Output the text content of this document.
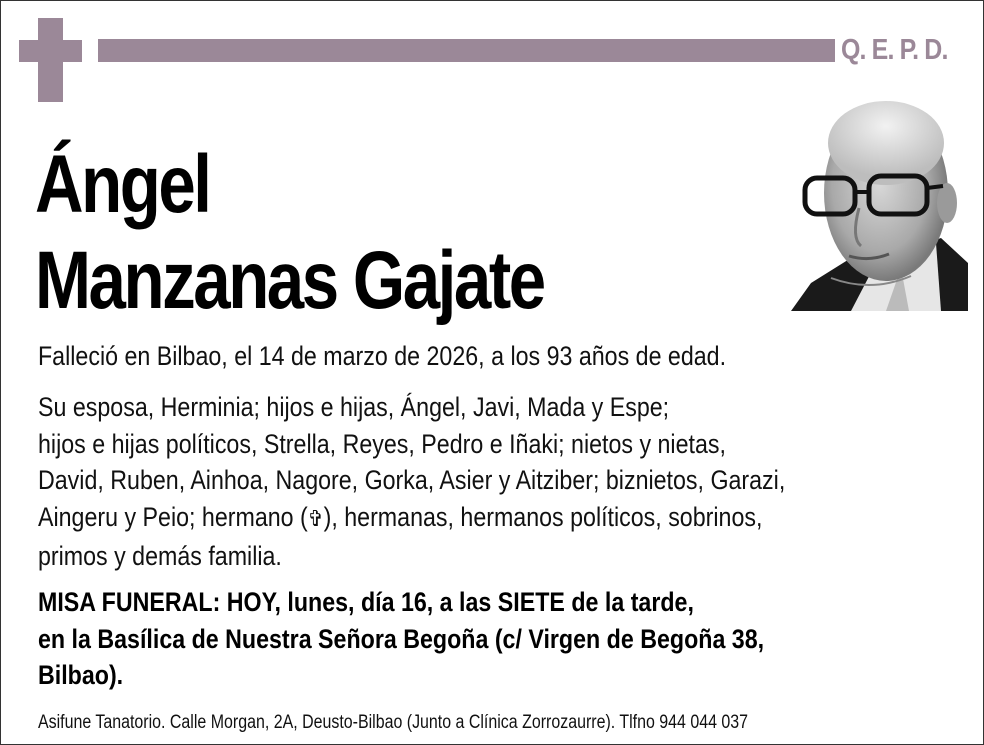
Q. E. P. D.
Ángel
Manzanas Gajate
Falleció en Bilbao, el 14 de marzo de 2026, a los 93 años de edad.
Su esposa, Herminia; hijos e hijas, Ángel, Javi, Mada y Espe;
hijos e hijas políticos, Strella, Reyes, Pedro e Iñaki; nietos y nietas,
David, Ruben, Ainhoa, Nagore, Gorka, Asier y Aitziber; biznietos, Garazi,
Aingeru y Peio; hermano (✞), hermanas, hermanos políticos, sobrinos,
primos y demás familia.
MISA FUNERAL: HOY, lunes, día 16, a las SIETE de la tarde,
en la Basílica de Nuestra Señora Begoña (c/ Virgen de Begoña 38,
Bilbao).
Asifune Tanatorio. Calle Morgan, 2A, Deusto-Bilbao (Junto a Clínica Zorrozaurre). Tlfno 944 044 037
